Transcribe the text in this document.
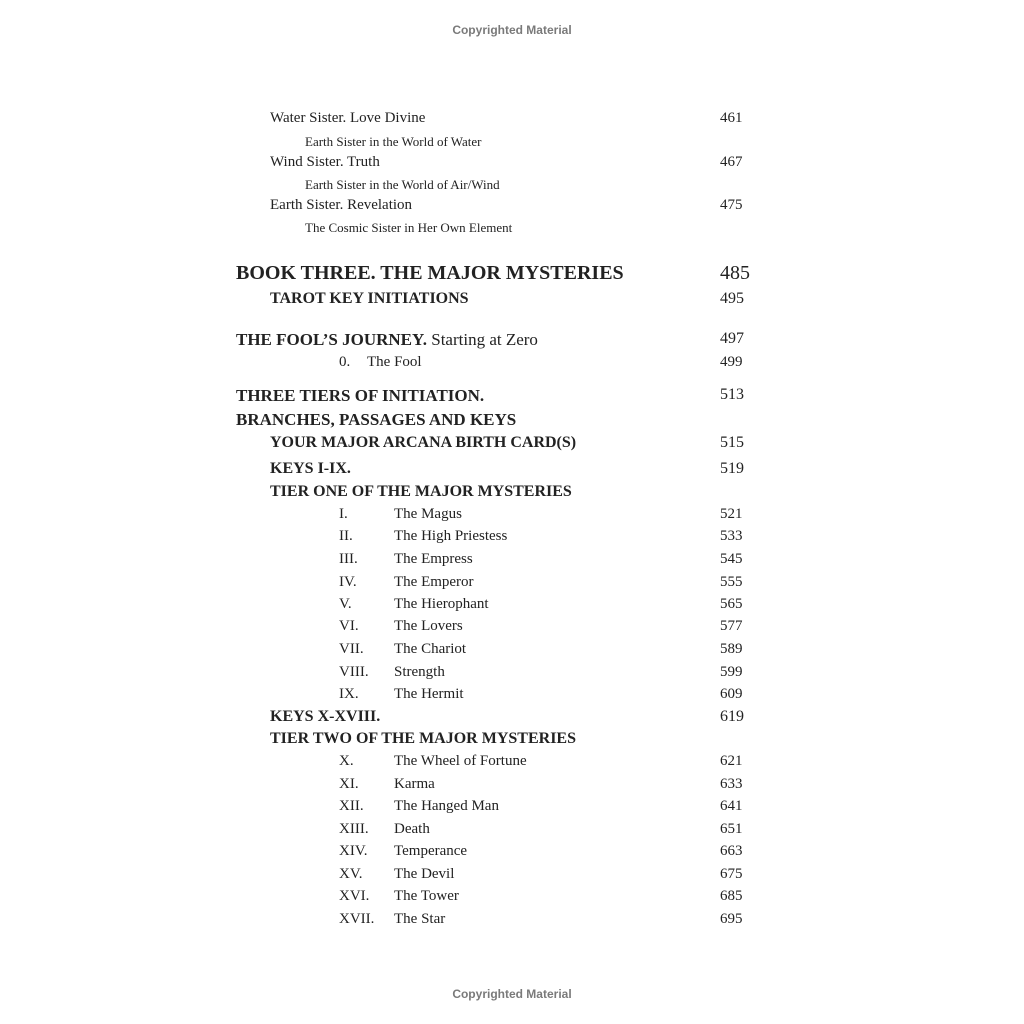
Copyrighted Material
Water Sister. Love Divine	461
Earth Sister in the World of Water
Wind Sister. Truth	467
Earth Sister in the World of Air/Wind
Earth Sister. Revelation	475
The Cosmic Sister in Her Own Element
BOOK THREE. THE MAJOR MYSTERIES	485
TAROT KEY INITIATIONS	495
THE FOOL’S JOURNEY. Starting at Zero	497
0. The Fool	499
THREE TIERS OF INITIATION.	513
BRANCHES, PASSAGES AND KEYS
YOUR MAJOR ARCANA BIRTH CARD(S)	515
KEYS I-IX.	519
TIER ONE OF THE MAJOR MYSTERIES
I.	The Magus	521
II.	The High Priestess	533
III. The Empress	545
IV. The Emperor	555
V.	The Hierophant	565
VI. The Lovers	577
VII. The Chariot	589
VIII. Strength	599
IX. The Hermit	609
KEYS X-XVIII.	619
TIER TWO OF THE MAJOR MYSTERIES
X.	The Wheel of Fortune	621
XI. Karma	633
XII. The Hanged Man	641
XIII. Death	651
XIV. Temperance	663
XV. The Devil	675
XVI. The Tower	685
XVII. The Star	695
Copyrighted Material
